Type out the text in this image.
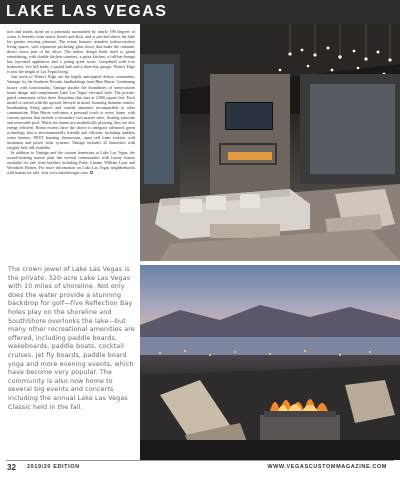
LAKE LAS VEGAS

tion and stands alone on a peninsula surrounded by nearly 190 degrees of water. It benefits from nearly beach and dock, and is perched above the lake for greater viewing pleasure. The estate features seamless indoor-outdoor living spaces, with expansive pocketing glass doors that make the romantic desert views part of the décor. The indoor design lends itself to grand entertaining, with double kitchen counters, a pizza kitchen, a full-bar-lounge bar, top-rated appliances and a jetting great room. Completed with four bedrooms, five full baths, a partial bath and a three-bay garage, Water's Edge is now the height of Las Vegas living.

Just north of Water's Edge are the highly anticipated deluxe community, Vantage, by the Southern Nevada, landholdings from Blue Heron. Combining luxury with functionality, Vantage pushes the boundaries of semi-custom home design and compliments Lake Las Vegas' elevated style. The private-gated community offers three floorplans that start at 2,900 square feet. Each model is crafted with the upscale lifestyle in mind, featuring dramatic entries, breathtaking living spaces and outside amenities incomparable to other communities. Blue Heron welcomes a personal touch to every home, with custom options that include a secondary first master suite, floating staircase and reservable pool. While the homes are aesthetically pleasing, they are also energy efficient. Home owners have the choice to integrate advanced green technology that is environmentally friendly and efficient, including tankless water heaters, NEST learning thermostats, open cell foam exterior wall insulation and power solar systems. Vantage includes 32 homesites with roughly half still available.

In addition to Vantage and the custom homesites at Lake Las Vegas, the award-winning master plan has several communities with luxury homes available for sale from builders including Pulte, Lennar, William Lyon and Woodside Homes. For more information on Lake Las Vegas neighborhoods with homes for sale, visit www.lakelasvegas.com. ✪

The crown jewel of Lake Las Vegas is the private, 320-acre Lake Las Vegas with 10 miles of shoreline. Not only does the water provide a stunning backdrop for golf—five Reflection Bay holes play on the shoreline and SouthShore overlooks the lake—but many other recreational amenities are offered, including paddle boards, wakeboards, paddle boats, cocktail cruises, jet fly boards, paddle board yoga and more evening events, which have become very popular. The community is also now home to several big events and concerts including the annual Lake Las Vegas Classic held in the fall.
32 2019/20 EDITION	WWW.VEGASCUSTOMMAGAZINE.COM
